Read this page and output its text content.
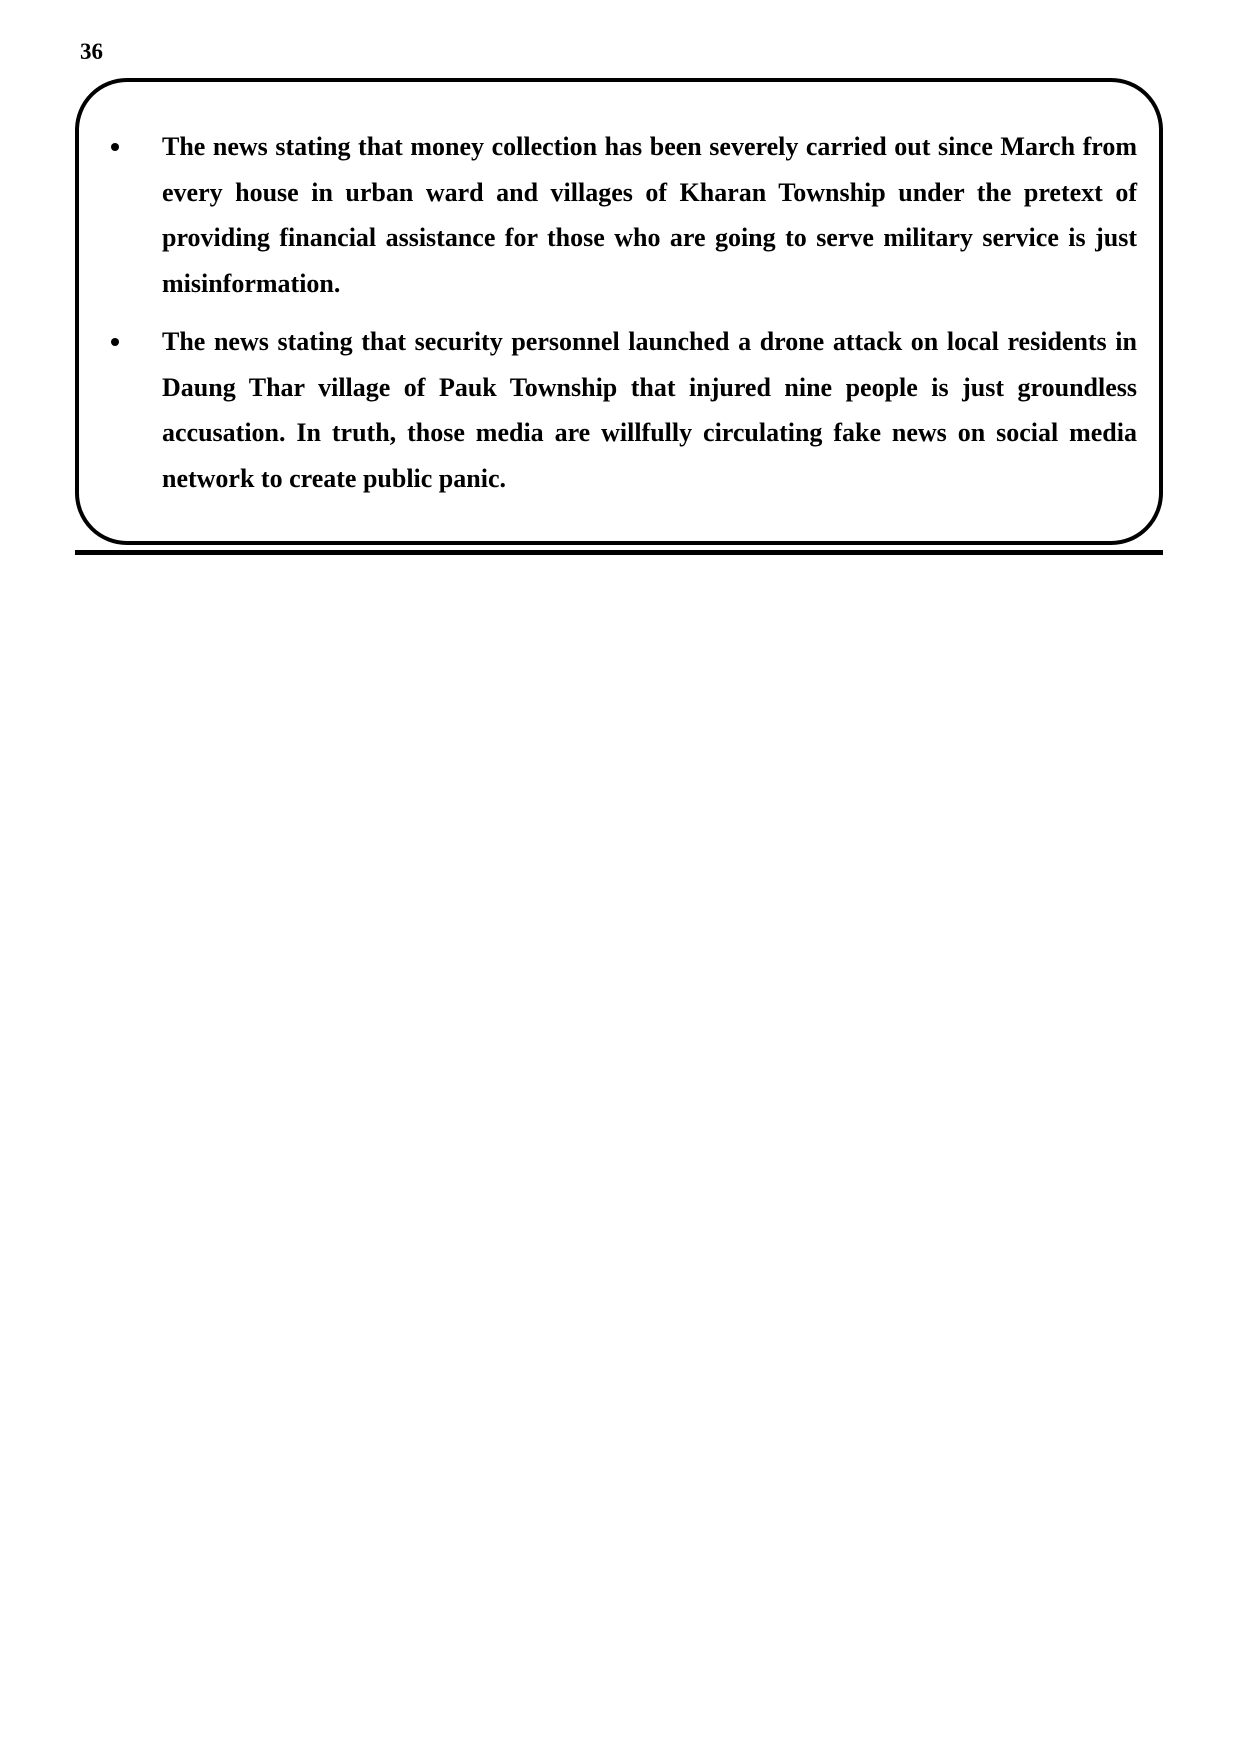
36
The news stating that money collection has been severely carried out since March from every house in urban ward and villages of Kharan Township under the pretext of providing financial assistance for those who are going to serve military service is just misinformation.
The news stating that security personnel launched a drone attack on local residents in Daung Thar village of Pauk Township that injured nine people is just groundless accusation. In truth, those media are willfully circulating fake news on social media network to create public panic.
